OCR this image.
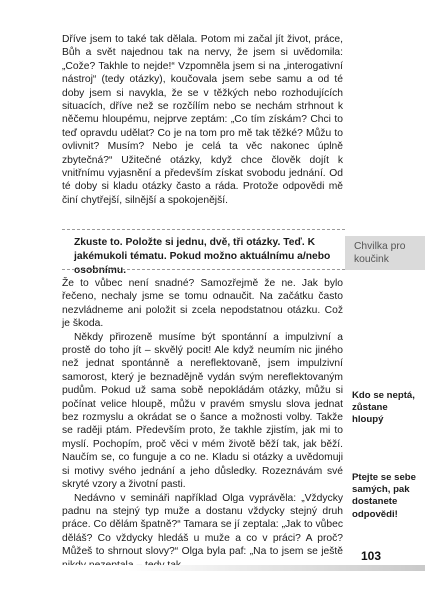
Dříve jsem to také tak dělala. Potom mi začal jít život, práce, Bůh a svět najednou tak na nervy, že jsem si uvědomila: „Cože? Takhle to nejde!“ Vzpomněla jsem si na „interogativní nástroj“ (tedy otázky), koučovala jsem sebe samu a od té doby jsem si navykla, že se v těžkých nebo rozhodujících situacích, dříve než se rozčílím nebo se nechám strhnout k něčemu hloupému, nejprve zeptám: „Co tím získám? Chci to teď opravdu udělat? Co je na tom pro mě tak těžké? Můžu to ovlivnit? Musím? Nebo je celá ta věc nakonec úplně zbytečná?“ Užitečné otázky, když chce člověk dojít k vnitřnímu vyjasnění a především získat svobodu jednání. Od té doby si kladu otázky často a ráda. Protože odpovědi mě činí chytřejší, silnější a spokojenější.

Zkuste to. Položte si jednu, dvě, tři otázky. Teď. K jakémukoli tématu. Pokud možno aktuálnímu a/nebo osobnímu.
Chvilka pro koučink

Že to vůbec není snadné? Samozřejmě že ne. Jak bylo řečeno, nechaly jsme se tomu odnaučit. Na začátku často nezvládneme ani položit si zcela nepodstatnou otázku. Což je škoda.

Někdy přirozeně musíme být spontánní a impulzivní a prostě do toho jít – skvělý pocit! Ale když neumím nic jiného než jednat spontánně a nereflektovaně, jsem impulzivní samorost, který je beznadějně vydán svým nereflektovaným pudům. Pokud už sama sobě nepokládám otázky, můžu si počínat velice hloupě, můžu v pravém smyslu slova jednat bez rozmyslu a okrádat se o šance a možnosti volby. Takže se raději ptám. Především proto, že takhle zjistím, jak mi to myslí. Pochopím, proč věci v mém životě běží tak, jak běží. Naučím se, co funguje a co ne. Kladu si otázky a uvědomuji si motivy svého jednání a jeho důsledky. Rozeznávám své skryté vzory a životní pasti.

Nedávno v semináři například Olga vyprávěla: „Vždycky padnu na stejný typ muže a dostanu vždycky stejný druh práce. Co dělám špatně?“ Tamara se jí zeptala: „Jak to vůbec děláš? Co vždycky hledáš u muže a co v práci? A proč? Můžeš to shrnout slovy?“ Olga byla paf: „Na to jsem se ještě

Kdo se neptá, zůstane hloupý
Ptejte se sebe samých, pak dostanete odpovědi!
103
